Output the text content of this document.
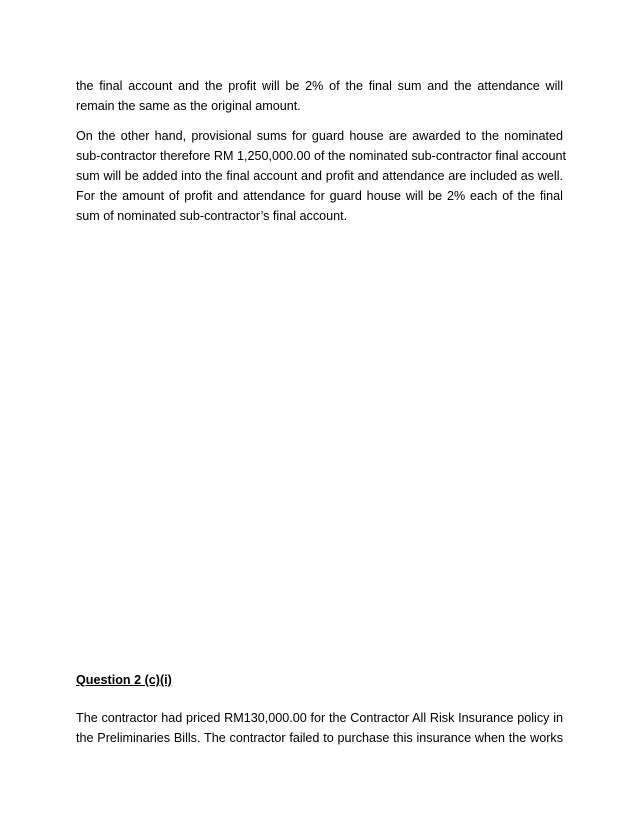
the final account and the profit will be 2% of the final sum and the attendance will
remain the same as the original amount.

On the other hand, provisional sums for guard house are awarded to the nominated
sub-contractor therefore RM 1,250,000.00 of the nominated sub-contractor final account
sum will be added into the final account and profit and attendance are included as well.
For the amount of profit and attendance for guard house will be 2% each of the final
sum of nominated sub-contractor’s final account.

Question 2 (c)(i)

The contractor had priced RM130,000.00 for the Contractor All Risk Insurance policy in
the Preliminaries Bills. The contractor failed to purchase this insurance when the works
